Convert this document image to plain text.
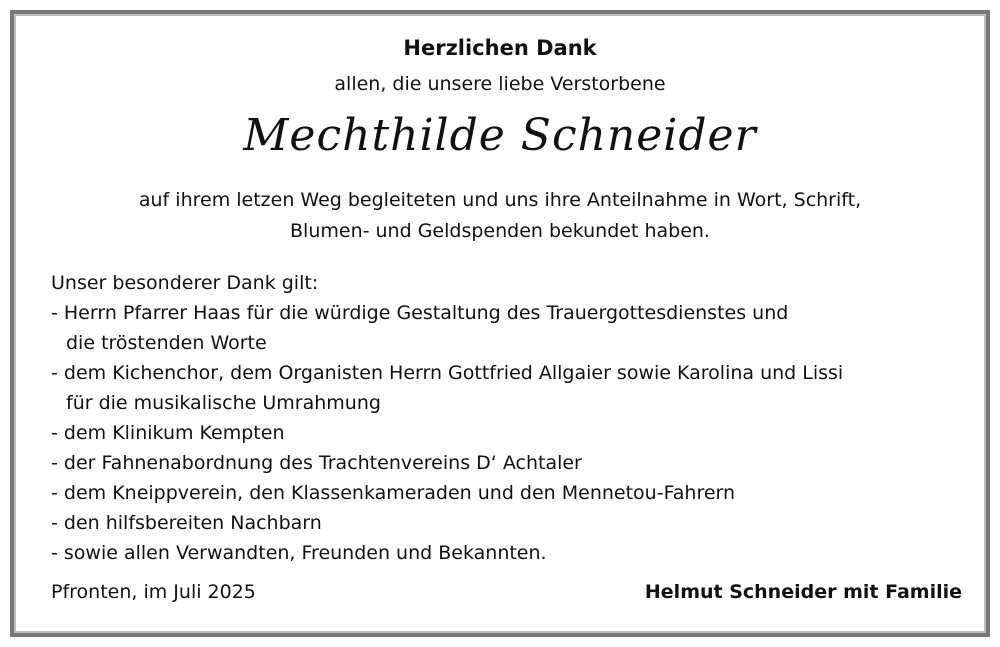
Herzlichen Dank
allen, die unsere liebe Verstorbene
Mechthilde Schneider
auf ihrem letzen Weg begleiteten und uns ihre Anteilnahme in Wort, Schrift,
Blumen- und Geldspenden bekundet haben.
Unser besonderer Dank gilt:
- Herrn Pfarrer Haas für die würdige Gestaltung des Trauergottesdienstes und
die tröstenden Worte
- dem Kichenchor, dem Organisten Herrn Gottfried Allgaier sowie Karolina und Lissi
für die musikalische Umrahmung
- dem Klinikum Kempten
- der Fahnenabordnung des Trachtenvereins D‘ Achtaler
- dem Kneippverein, den Klassenkameraden und den Mennetou-Fahrern
- den hilfsbereiten Nachbarn
- sowie allen Verwandten, Freunden und Bekannten.
Pfronten, im Juli 2025	Helmut Schneider mit Familie
